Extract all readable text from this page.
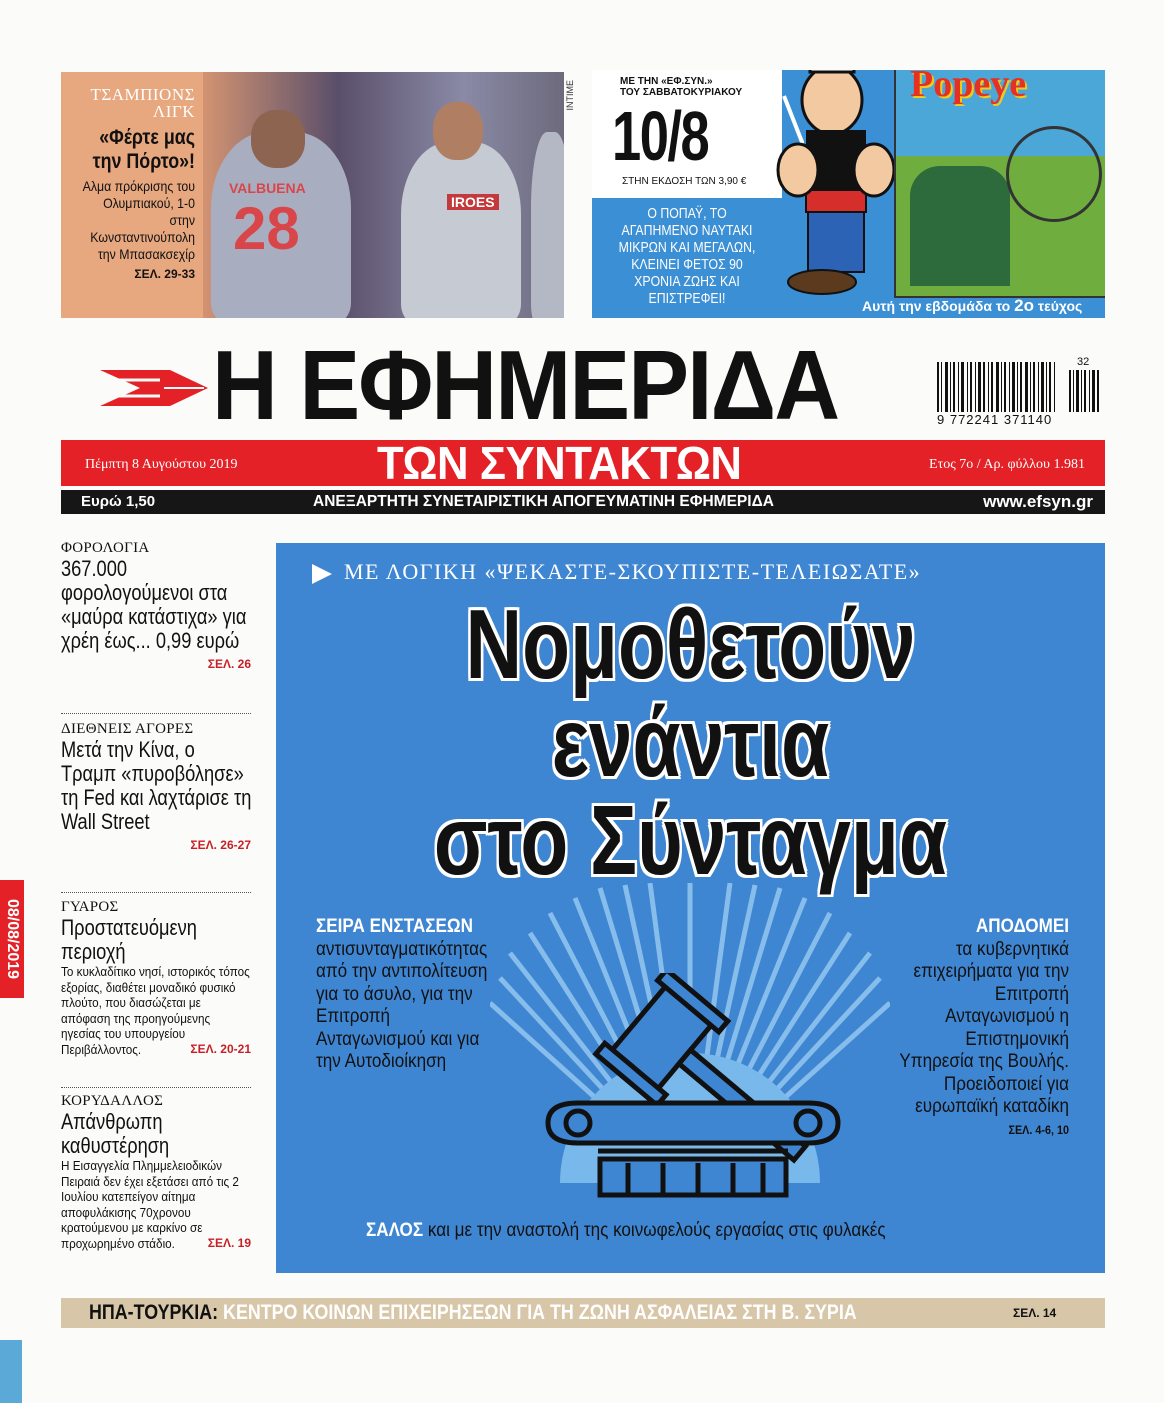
28
VALBUENA
IROES
ΤΣΑΜΠΙΟΝΣ ΛΙΓΚ
«Φέρτε μας την Πόρτο»!
Αλμα πρόκρισης του Ολυμπιακού, 1-0 στην Κωνσταντινούπολη την Μπασακσεχίρ
ΣΕΛ. 29-33
INTIME	ΜΕ ΤΗΝ «ΕΦ.ΣΥΝ.»
ΤΟΥ ΣΑΒΒΑΤΟΚΥΡΙΑΚΟΥ
10/8
ΣΤΗΝ ΕΚΔΟΣΗ ΤΩΝ 3,90 €
Ο ΠΟΠΑΫ, ΤΟ ΑΓΑΠΗΜΕΝΟ ΝΑΥΤΑΚΙ ΜΙΚΡΩΝ ΚΑΙ ΜΕΓΑΛΩΝ, ΚΛΕΙΝΕΙ ΦΕΤΟΣ 90 ΧΡΟΝΙΑ ΖΩΗΣ ΚΑΙ ΕΠΙΣΤΡΕΦΕΙ!
Popeye
Αυτή την εβδομάδα το 2ο τεύχος
Η ΕΦΗΜΕΡΙΔΑ	32
9 772241 371140
Πέμπτη 8 Αυγούστου 2019	ΤΩΝ ΣΥΝΤΑΚΤΩΝ	Ετος 7ο / Αρ. φύλλου 1.981
Ευρώ 1,50	ΑΝΕΞΑΡΤΗΤΗ ΣΥΝΕΤΑΙΡΙΣΤΙΚΗ ΑΠΟΓΕΥΜΑΤΙΝΗ ΕΦΗΜΕΡΙΔΑ	www.efsyn.gr
08/08/2019
ΦΟΡΟΛΟΓΙΑ
367.000 φορολογούμενοι στα «μαύρα κατάστιχα» για χρέη έως... 0,99 ευρώ
ΣΕΛ. 26
ΔΙΕΘΝΕΙΣ ΑΓΟΡΕΣ
Μετά την Κίνα, ο Τραμπ «πυροβόλησε» τη Fed και λαχτάρισε τη Wall Street
ΣΕΛ. 26-27
ΓΥΑΡΟΣ
Προστατευόμενη περιοχή
Το κυκλαδίτικο νησί, ιστορικός τόπος εξορίας, διαθέτει μοναδικό φυσικό πλούτο, που διασώζεται με απόφαση της προηγούμενης ηγεσίας του υπουργείου Περιβάλλοντος.	ΣΕΛ. 20-21
ΚΟΡΥΔΑΛΛΟΣ
Απάνθρωπη καθυστέρηση
Η Εισαγγελία Πλημμελειοδικών Πειραιά δεν έχει εξετάσει από τις 2 Ιουλίου κατεπείγον αίτημα αποφυλάκισης 70χρονου κρατούμενου με καρκίνο σε προχωρημένο στάδιο.	ΣΕΛ. 19
ΜΕ ΛΟΓΙΚΗ «ΨΕΚΑΣΤΕ-ΣΚΟΥΠΙΣΤΕ-ΤΕΛΕΙΩΣΑΤΕ»
Νομοθετούν
ενάντια
στο Σύνταγμα
ΣΕΙΡΑ ΕΝΣΤΑΣΕΩΝ
αντισυνταγματικότητας από την αντιπολίτευση για το άσυλο, για την Επιτροπή Ανταγωνισμού και για την Αυτοδιοίκηση
ΑΠΟΔΟΜΕΙ
τα κυβερνητικά επιχειρήματα για την Επιτροπή Ανταγωνισμού η Επιστημονική Υπηρεσία της Βουλής. Προειδοποιεί για ευρωπαϊκή καταδίκη
ΣΕΛ. 4-6, 10
ΣΑΛΟΣ και με την αναστολή της κοινωφελούς εργασίας στις φυλακές
ΗΠΑ-ΤΟΥΡΚΙΑ: ΚΕΝΤΡΟ ΚΟΙΝΩΝ ΕΠΙΧΕΙΡΗΣΕΩΝ ΓΙΑ ΤΗ ΖΩΝΗ ΑΣΦΑΛΕΙΑΣ ΣΤΗ Β. ΣΥΡΙΑ	ΣΕΛ. 14
